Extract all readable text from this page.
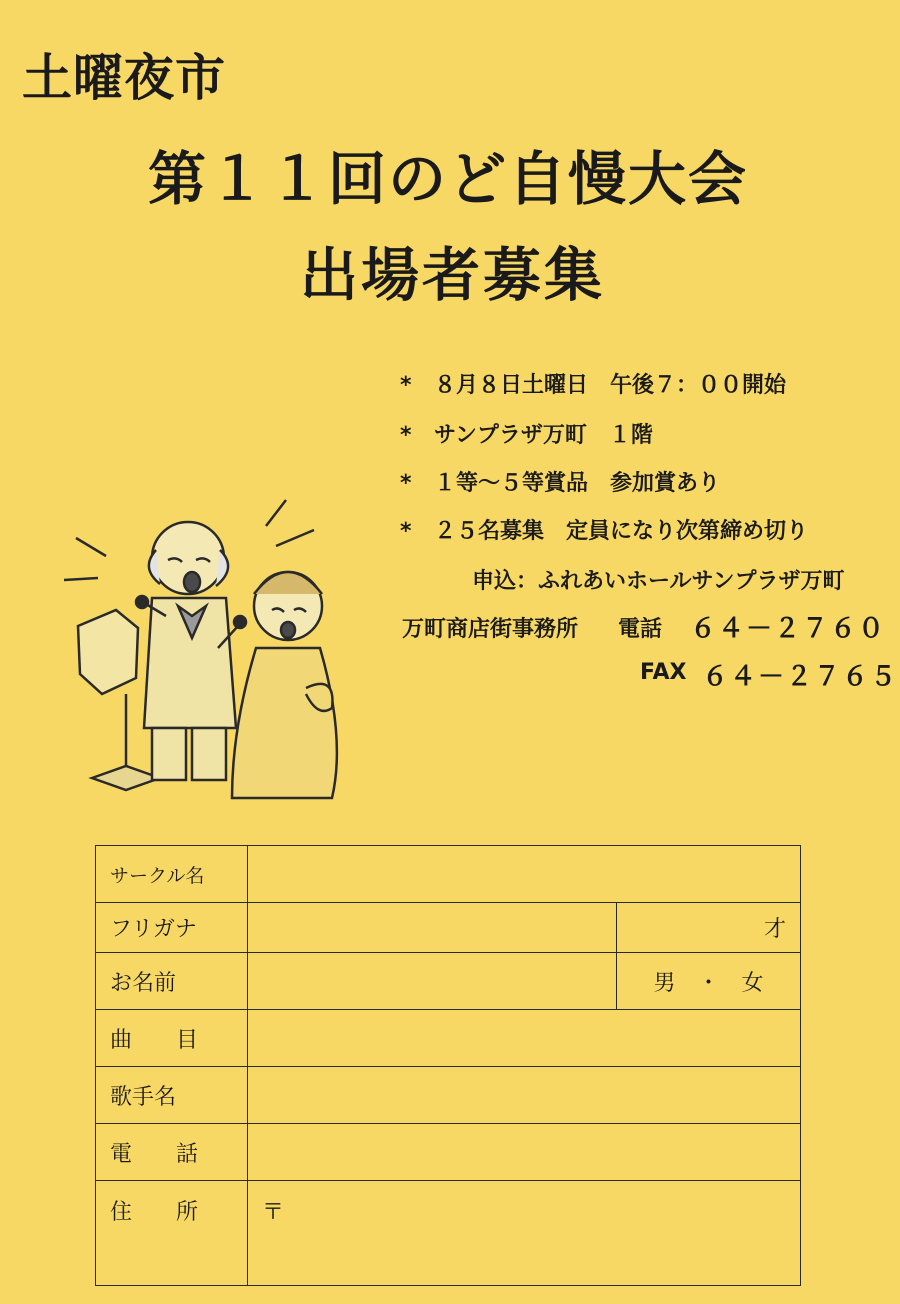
土曜夜市
第１１回のど自慢大会
出場者募集
* ８月８日土曜日　午後７：００開始
* サンプラザ万町　１階
* １等～５等賞品　参加賞あり
* ２５名募集　定員になり次第締め切り
申込：ふれあいホールサンプラザ万町
万町商店街事務所 電話 ６４－２７６０
FAX ６４－２７６５
サークル名		
フリガナ		才
お名前		男　・　女
曲　　目		
歌手名		
電　　話		
住　　所	〒	
